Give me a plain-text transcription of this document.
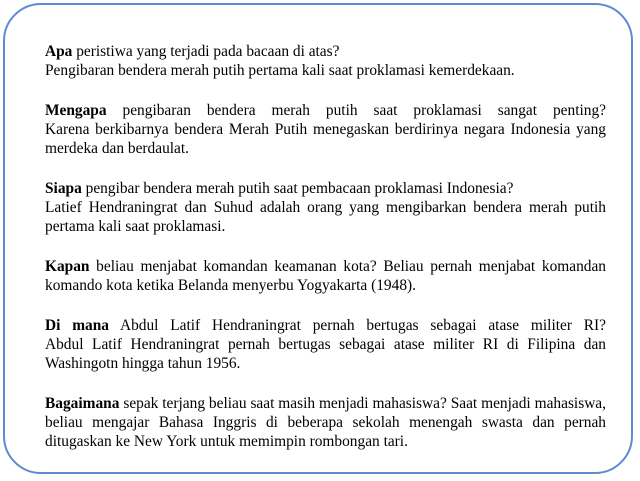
Apa peristiwa yang terjadi pada bacaan di atas?

Pengibaran bendera merah putih pertama kali saat proklamasi kemerdekaan.

Mengapa pengibaran bendera merah putih saat proklamasi sangat penting?

Karena berkibarnya bendera Merah Putih menegaskan berdirinya negara Indonesia yang merdeka dan berdaulat.

Siapa pengibar bendera merah putih saat pembacaan proklamasi Indonesia?

Latief Hendraningrat dan Suhud adalah orang yang mengibarkan bendera merah putih pertama kali saat proklamasi.

Kapan beliau menjabat komandan keamanan kota? Beliau pernah menjabat komandan komando kota ketika Belanda menyerbu Yogyakarta (1948).

Di mana Abdul Latif Hendraningrat pernah bertugas sebagai atase militer RI?

Abdul Latif Hendraningrat pernah bertugas sebagai atase militer RI di Filipina dan Washingotn hingga tahun 1956.

Bagaimana sepak terjang beliau saat masih menjadi mahasiswa? Saat menjadi mahasiswa, beliau mengajar Bahasa Inggris di beberapa sekolah menengah swasta dan pernah ditugaskan ke New York untuk memimpin rombongan tari.
